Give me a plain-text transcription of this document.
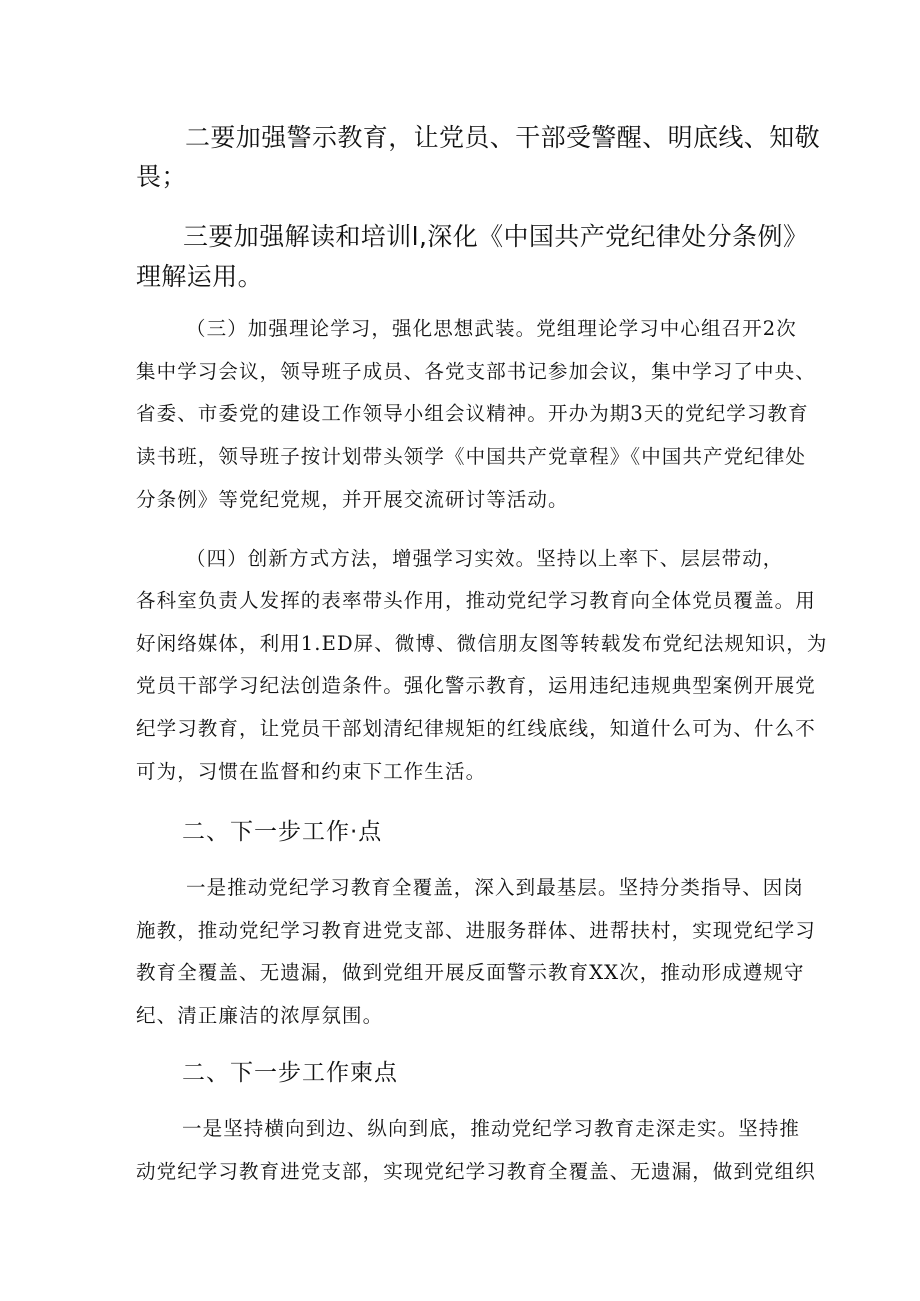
二要加强警示教育，让党员、干部受警醒、明底线、知敬

畏；

三要加强解读和培训l,深化《中国共产党纪律处分条例》

理解运用。

（三）加强理论学习，强化思想武装。党组理论学习中心组召开2次

集中学习会议，领导班子成员、各党支部书记参加会议，集中学习了中央、

省委、市委党的建设工作领导小组会议精神。开办为期3天的党纪学习教育

读书班，领导班子按计划带头领学《中国共产党章程》《中国共产党纪律处

分条例》等党纪党规，并开展交流研讨等活动。

（四）创新方式方法，增强学习实效。坚持以上率下、层层带动，

各科室负责人发挥的表率带头作用，推动党纪学习教育向全体党员覆盖。用

好闲络媒体，利用1.ED屏、微博、微信朋友图等转载发布党纪法规知识，为

党员干部学习纪法创造条件。强化警示教育，运用违纪违规典型案例开展党

纪学习教育，让党员干部划清纪律规矩的红线底线，知道什么可为、什么不

可为，习惯在监督和约束下工作生活。

二、下一步工作·点

一是推动党纪学习教育全覆盖，深入到最基层。坚持分类指导、因岗

施教，推动党纪学习教育进党支部、进服务群体、进帮扶村，实现党纪学习

教育全覆盖、无遗漏，做到党组开展反面警示教育XX次，推动形成遵规守

纪、清正廉洁的浓厚氛围。

二、下一步工作柬点

一是坚持横向到边、纵向到底，推动党纪学习教育走深走实。坚持推

动党纪学习教育进党支部，实现党纪学习教育全覆盖、无遗漏，做到党组织
